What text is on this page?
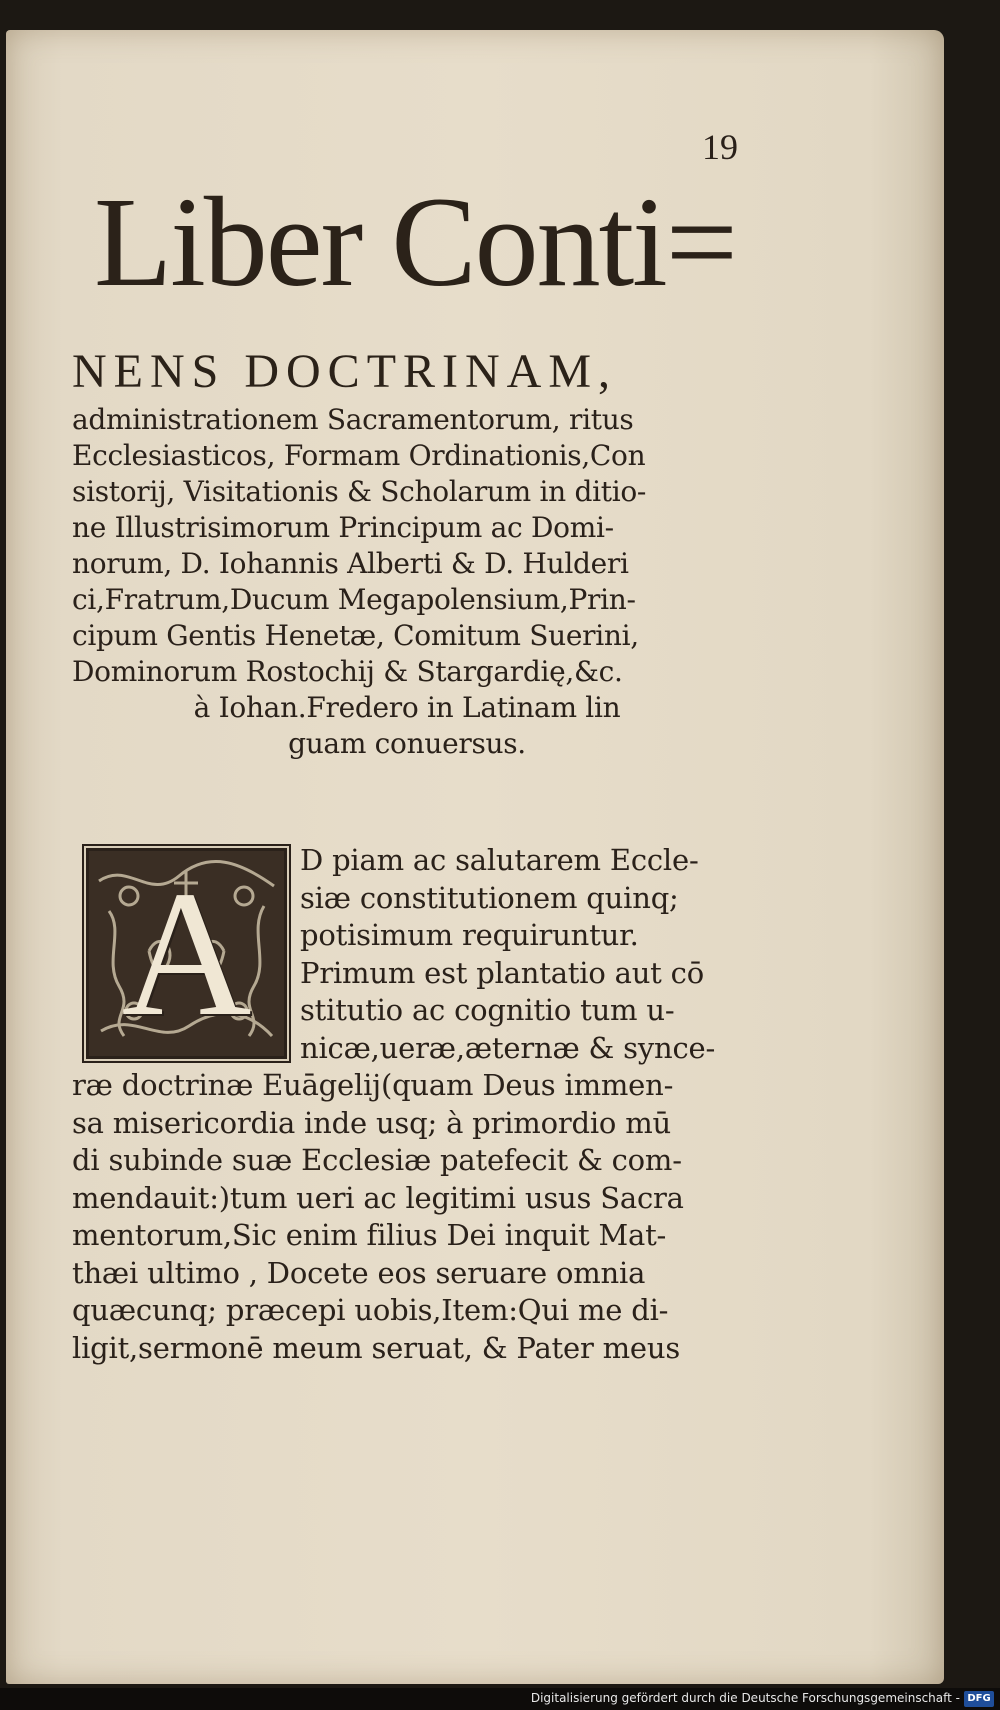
19
Liber Conti=
NENS DOCTRINAM,
administrationem Sacramentorum, ritus
Ecclesiasticos, Formam Ordinationis,Con
sistorij, Visitationis & Scholarum in ditio-
ne Illustrisimorum Principum ac Domi-
norum, D. Iohannis Alberti & D. Hulderi
ci,Fratrum,Ducum Megapolensium,Prin-
cipum Gentis Henetæ, Comitum Suerini,
Dominorum Rostochij & Stargardię,&c.
à Iohan.Fredero in Latinam lin
guam conuersus.
A	D piam ac salutarem Eccle-
siæ constitutionem quinq;
potisimum requiruntur.
Primum est plantatio aut cō
stitutio ac cognitio tum u-
nicæ,ueræ,æternæ & synce-
ræ doctrinæ Euāgelij(quam Deus immen-
sa misericordia inde usq; à primordio mū
di subinde suæ Ecclesiæ patefecit & com-
mendauit:)tum ueri ac legitimi usus Sacra
mentorum,Sic enim filius Dei inquit Mat-
thæi ultimo , Docete eos seruare omnia
quæcunq; præcepi uobis,Item:Qui me di-
ligit,sermonē meum seruat, & Pater meus
Digitalisierung gefördert durch die Deutsche Forschungsgemeinschaft - DFG
